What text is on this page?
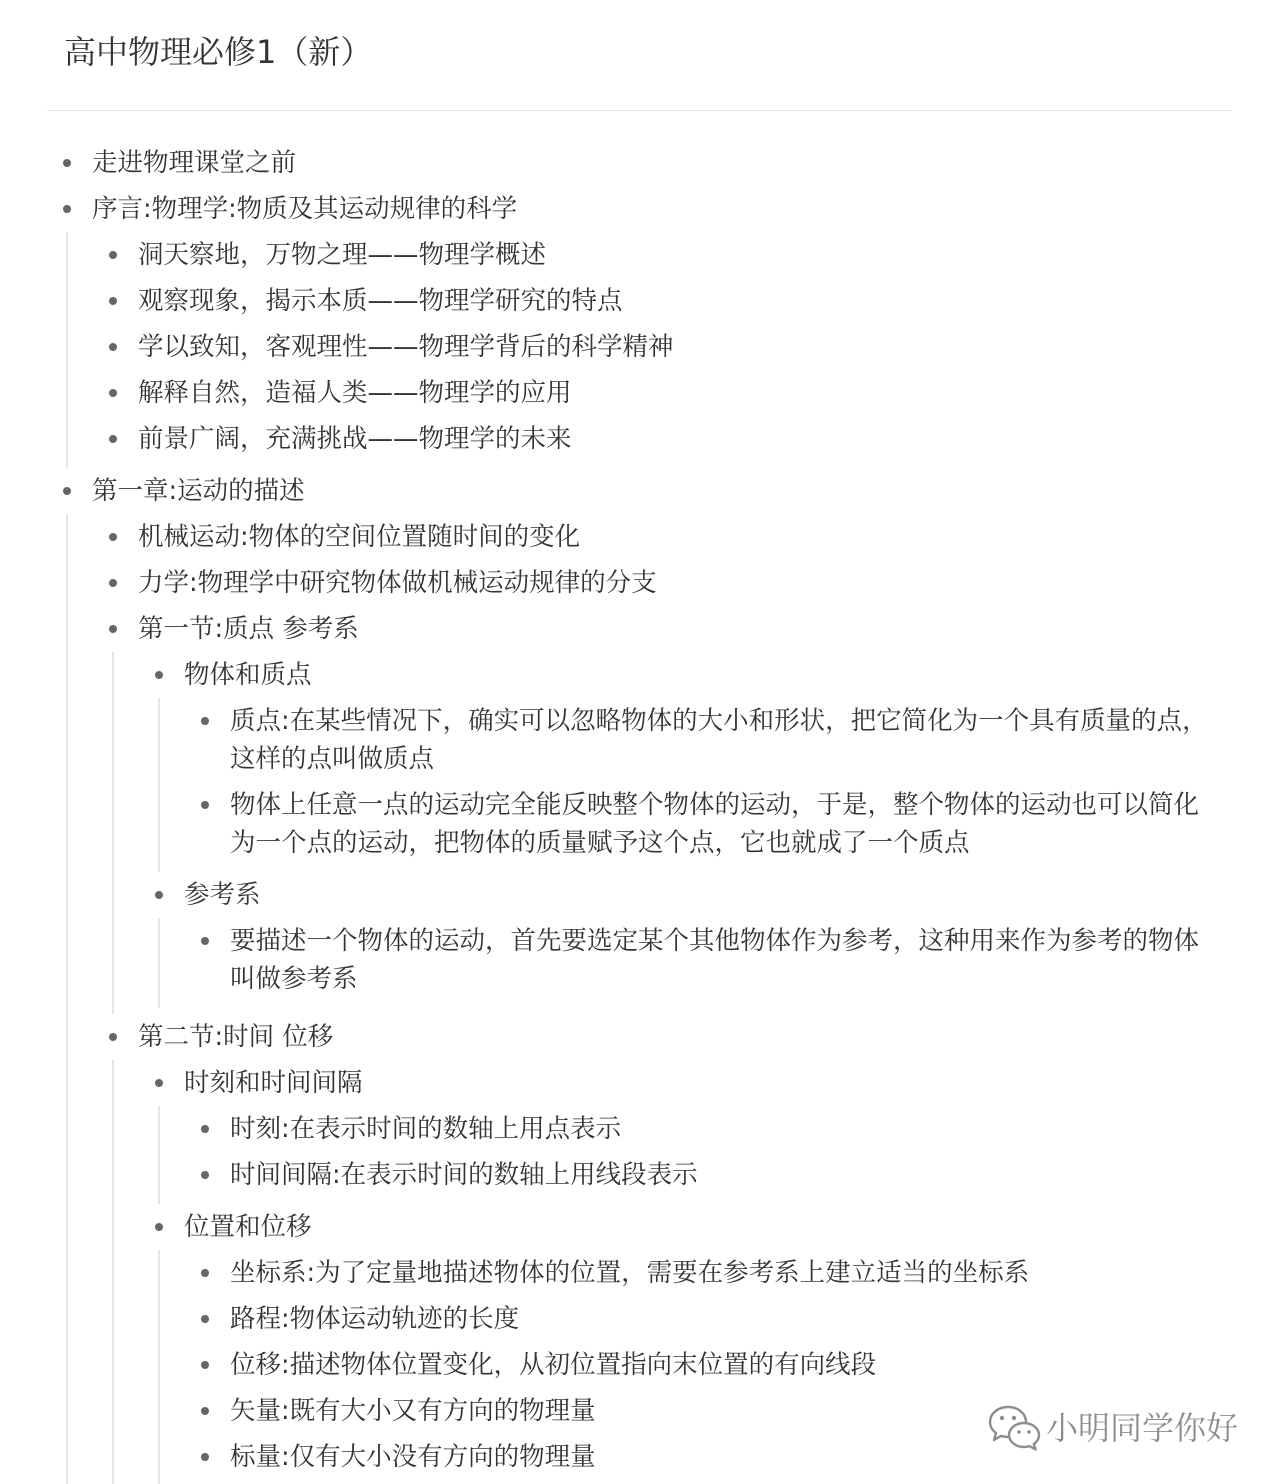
高中物理必修1（新）
走进物理课堂之前
序言:物理学:物质及其运动规律的科学
洞天察地，万物之理——物理学概述
观察现象，揭示本质——物理学研究的特点
学以致知，客观理性——物理学背后的科学精神
解释自然，造福人类——物理学的应用
前景广阔，充满挑战——物理学的未来
第一章:运动的描述
机械运动:物体的空间位置随时间的变化
力学:物理学中研究物体做机械运动规律的分支
第一节:质点 参考系
物体和质点
质点:在某些情况下，确实可以忽略物体的大小和形状，把它简化为一个具有质量的点，这样的点叫做质点
物体上任意一点的运动完全能反映整个物体的运动，于是，整个物体的运动也可以简化为一个点的运动，把物体的质量赋予这个点，它也就成了一个质点
参考系
要描述一个物体的运动，首先要选定某个其他物体作为参考，这种用来作为参考的物体叫做参考系
第二节:时间 位移
时刻和时间间隔
时刻:在表示时间的数轴上用点表示
时间间隔:在表示时间的数轴上用线段表示
位置和位移
坐标系:为了定量地描述物体的位置，需要在参考系上建立适当的坐标系
路程:物体运动轨迹的长度
位移:描述物体位置变化，从初位置指向末位置的有向线段
矢量:既有大小又有方向的物理量
标量:仅有大小没有方向的物理量
小明同学你好
